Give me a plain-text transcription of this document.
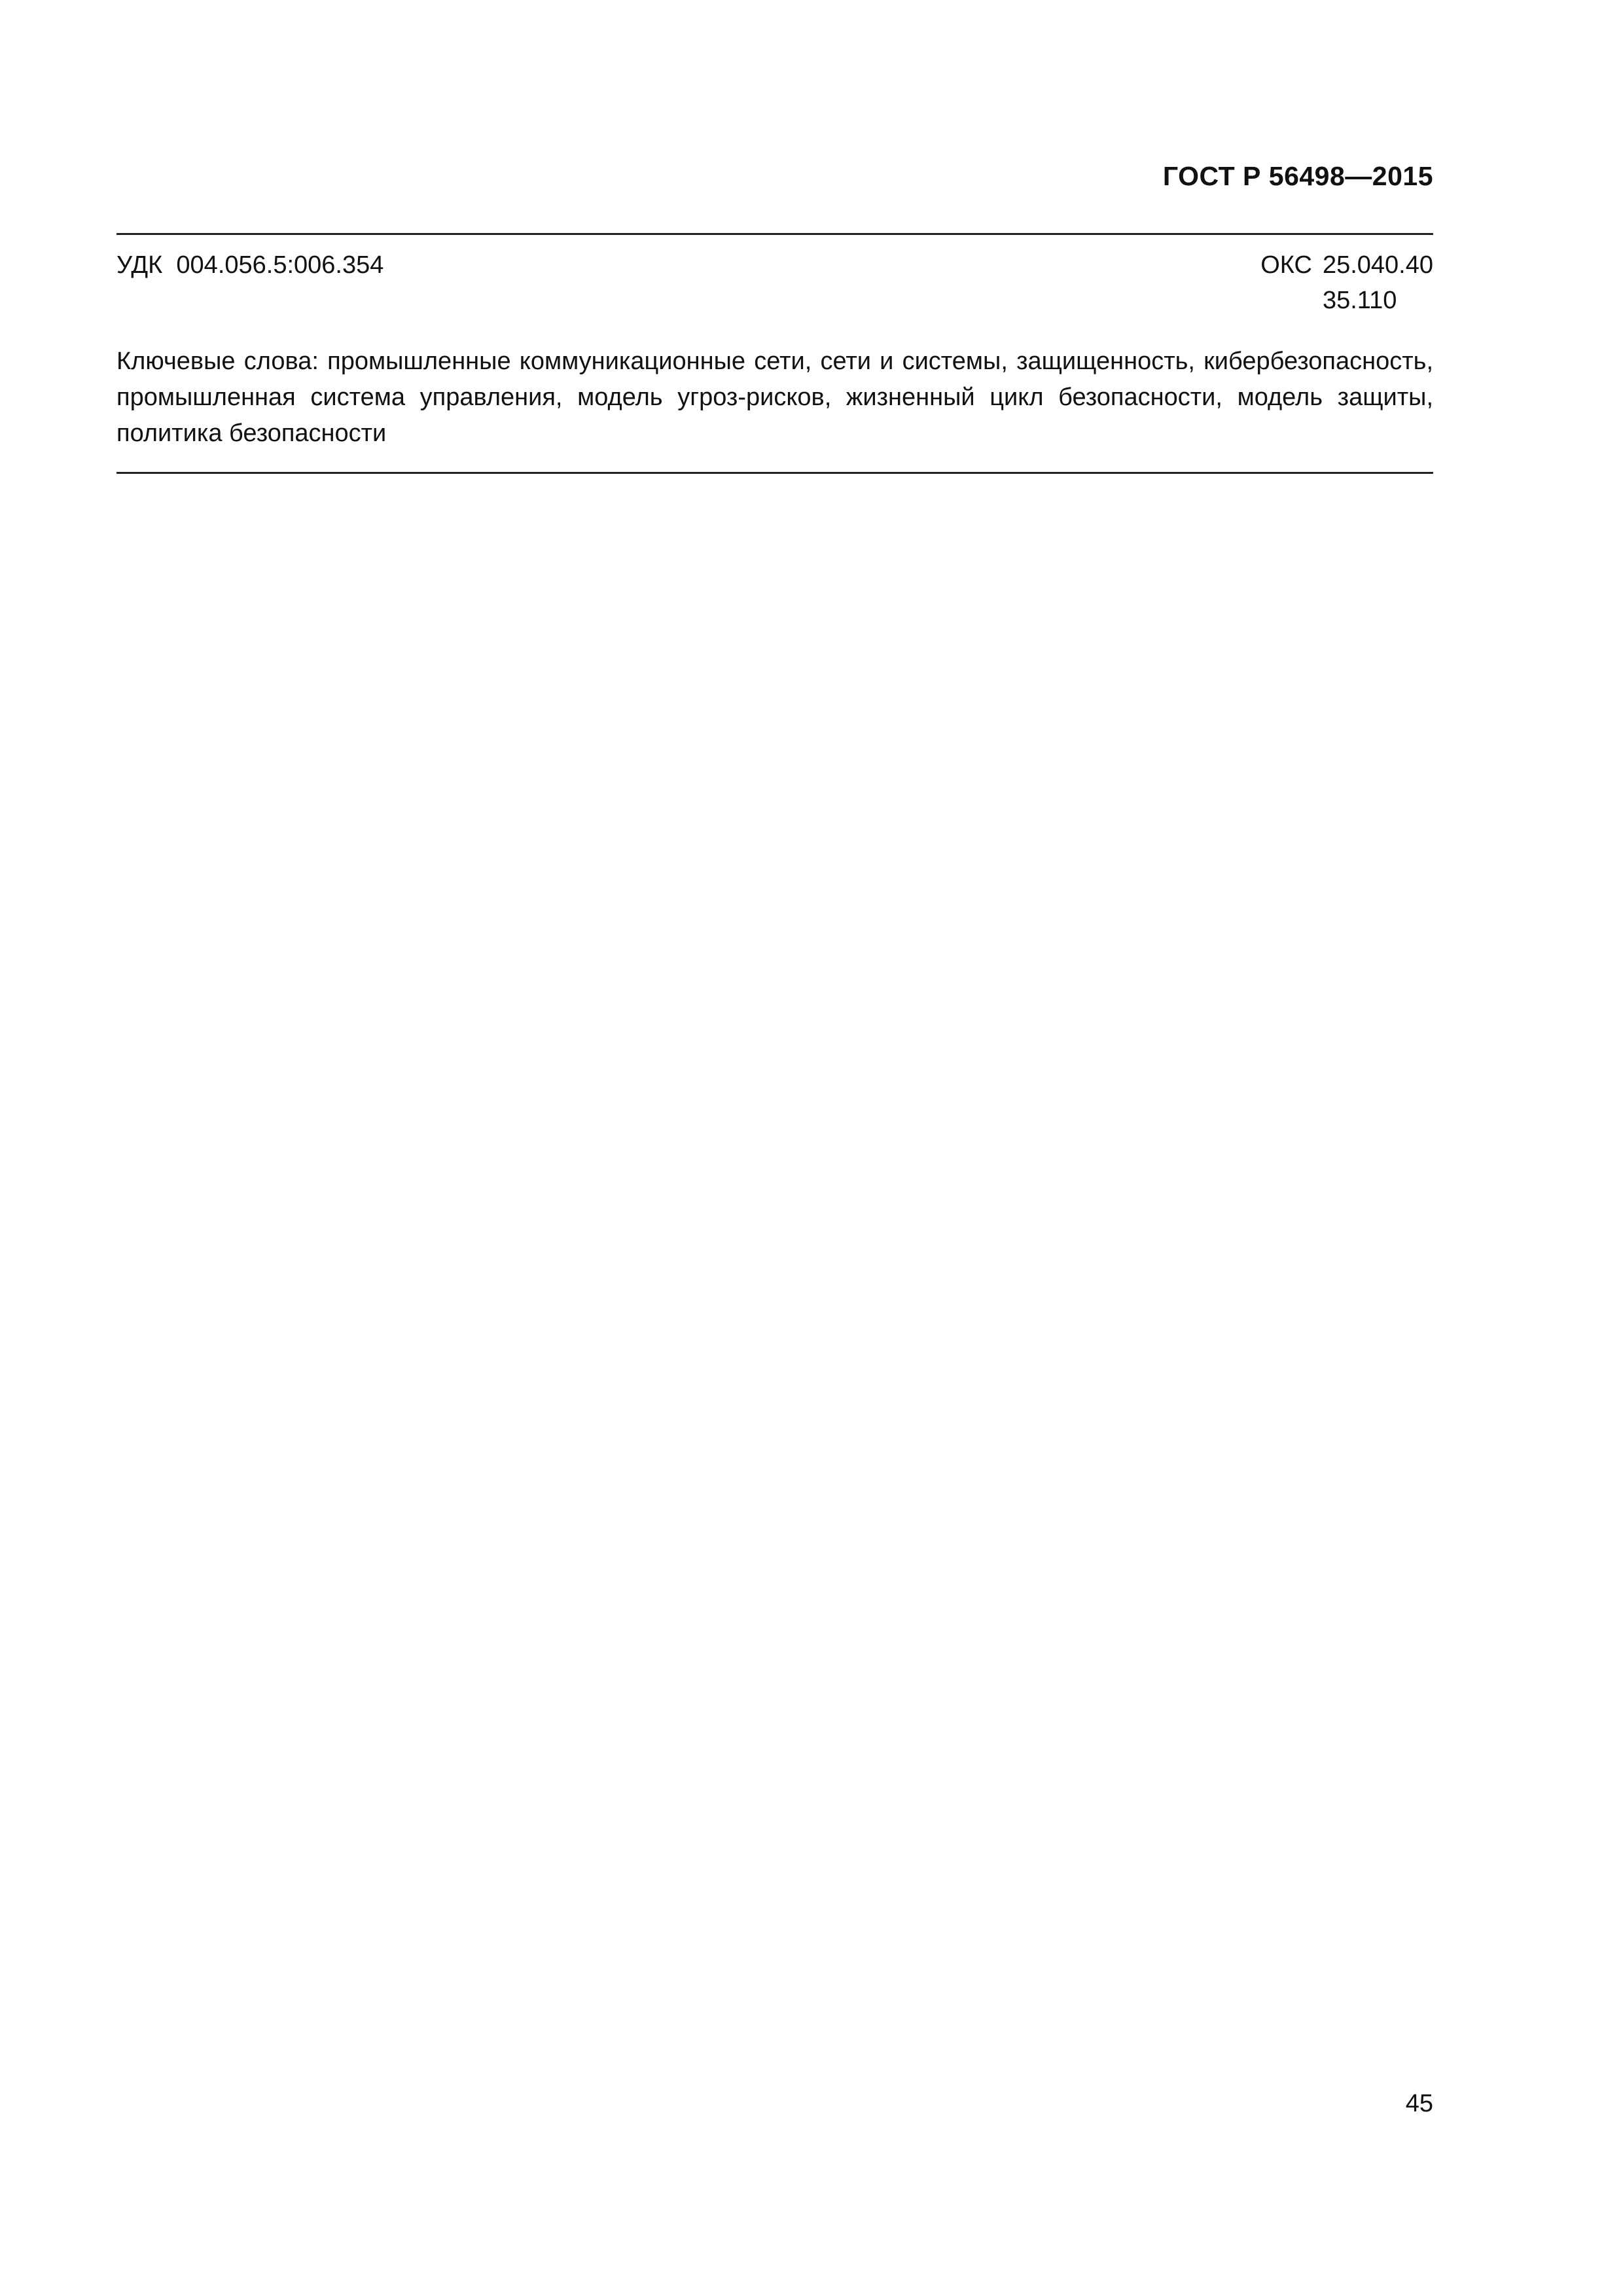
ГОСТ Р 56498—2015
УДК  004.056.5:006.354	ОКС 25.040.40
35.110
Ключевые слова: промышленные коммуникационные сети, сети и системы, защищенность, кибербезопасность, промышленная система управления, модель угроз-рисков, жизненный цикл безопасности, модель защиты, политика безопасности
45
